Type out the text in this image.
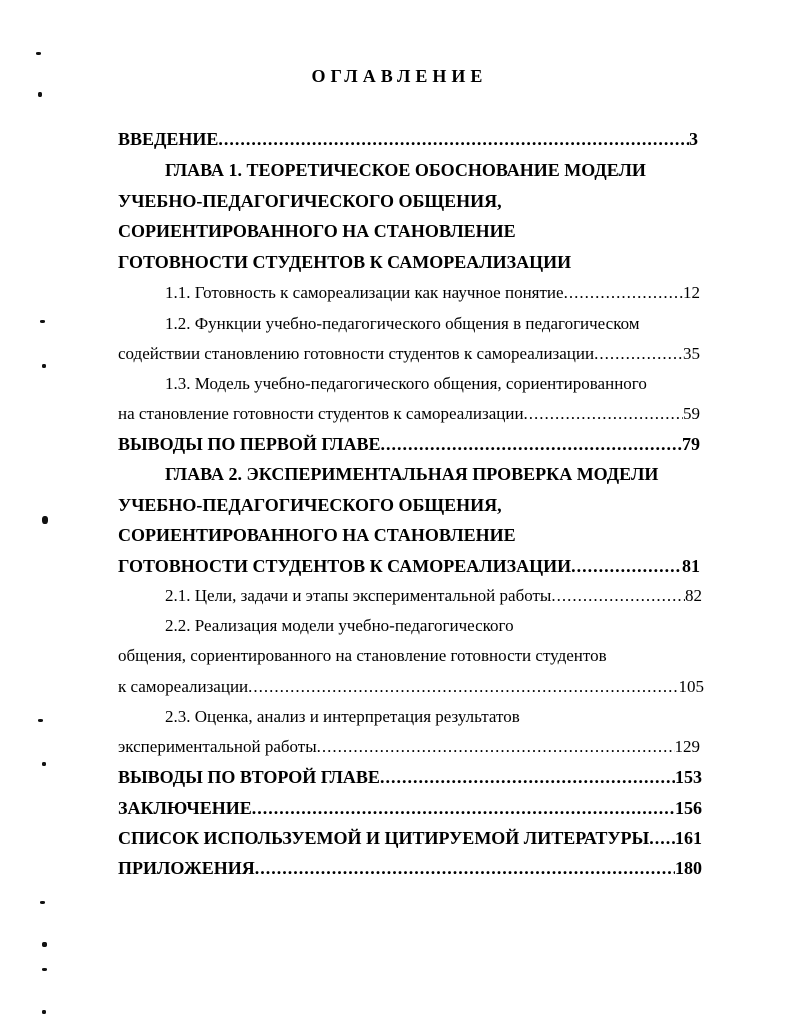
ОГЛАВЛЕНИЕ
ВВЕДЕНИЕ .....	3
ГЛАВА 1. ТЕОРЕТИЧЕСКОЕ ОБОСНОВАНИЕ МОДЕЛИ
УЧЕБНО-ПЕДАГОГИЧЕСКОГО ОБЩЕНИЯ,
СОРИЕНТИРОВАННОГО НА СТАНОВЛЕНИЕ
ГОТОВНОСТИ СТУДЕНТОВ К САМОРЕАЛИЗАЦИИ
1.1. Готовность к самореализации как научное понятие .....	12
1.2. Функции учебно-педагогического общения в педагогическом
содействии становлению готовности студентов к самореализации .....	35
1.3. Модель учебно-педагогического общения, сориентированного
на становление готовности студентов к самореализации .....	59
ВЫВОДЫ ПО ПЕРВОЙ ГЛАВЕ .....	79
ГЛАВА 2. ЭКСПЕРИМЕНТАЛЬНАЯ ПРОВЕРКА МОДЕЛИ
УЧЕБНО-ПЕДАГОГИЧЕСКОГО ОБЩЕНИЯ,
СОРИЕНТИРОВАННОГО НА СТАНОВЛЕНИЕ
ГОТОВНОСТИ СТУДЕНТОВ К САМОРЕАЛИЗАЦИИ .....	81
2.1. Цели, задачи и этапы экспериментальной работы .....	82
2.2. Реализация модели учебно-педагогического
общения, сориентированного на становление готовности студентов
к самореализации .....	105
2.3. Оценка, анализ и интерпретация результатов
экспериментальной работы .....	129
ВЫВОДЫ ПО ВТОРОЙ ГЛАВЕ .....	153
ЗАКЛЮЧЕНИЕ .....	156
СПИСОК ИСПОЛЬЗУЕМОЙ И ЦИТИРУЕМОЙ ЛИТЕРАТУРЫ ..... 161
ПРИЛОЖЕНИЯ .....	180
